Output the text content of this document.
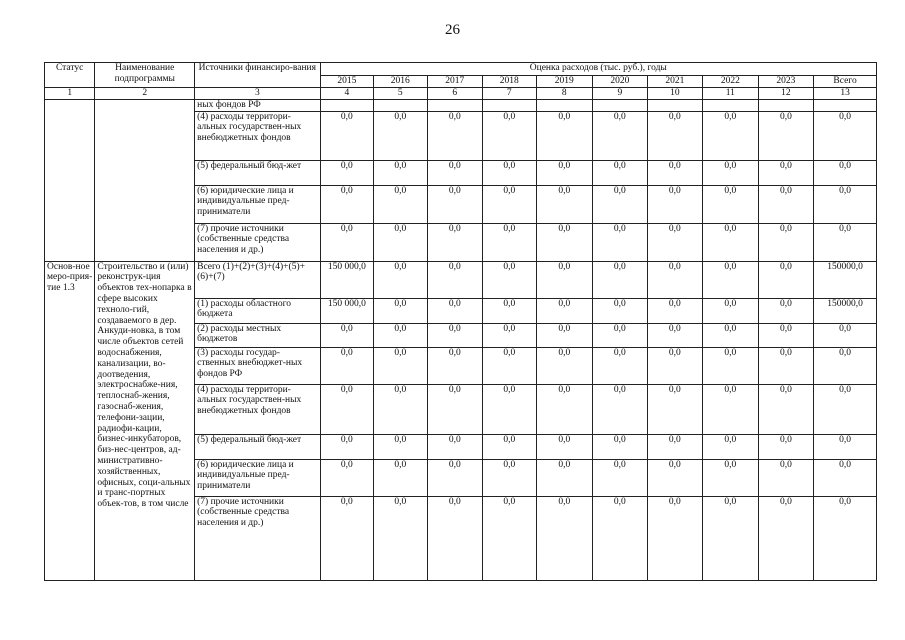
26
Статус	Наименование подпрограммы	Источники финансиро-вания	Оценка расходов (тыс. руб.), годы									
			2015	2016	2017	2018	2019	2020	2021	2022	2023	Всего
1	2	3	4	5	6	7	8	9	10	11	12	13
		ных фондов РФ										
		(4) расходы территори-альных государствен-ных внебюджетных фондов	0,0	0,0	0,0	0,0	0,0	0,0	0,0	0,0	0,0	0,0
		(5) федеральный бюд-жет	0,0	0,0	0,0	0,0	0,0	0,0	0,0	0,0	0,0	0,0
		(6) юридические лица и индивидуальные пред-приниматели	0,0	0,0	0,0	0,0	0,0	0,0	0,0	0,0	0,0	0,0
		(7) прочие источники (собственные средства населения и др.)	0,0	0,0	0,0	0,0	0,0	0,0	0,0	0,0	0,0	0,0
Основ-ное меро-прия-тие 1.3	Строительство и (или) реконструк-ция объектов тех-нопарка в сфере высоких техноло-гий, создаваемого в дер. Анкуди-новка, в том числе объектов сетей водоснабжения, канализации, во-доотведения, электроснабже-ния, теплоснаб-жения, газоснаб-жения, телефони-зации, радиофи-кации, бизнес-инкубаторов, биз-нес-центров, ад-министративно-хозяйственных, офисных, соци-альных и транс-портных объек-тов, в том числе	Всего (1)+(2)+(3)+(4)+(5)+(6)+(7)	150 000,0	0,0	0,0	0,0	0,0	0,0	0,0	0,0	0,0	150000,0
		(1) расходы областного бюджета	150 000,0	0,0	0,0	0,0	0,0	0,0	0,0	0,0	0,0	150000,0
		(2) расходы местных бюджетов	0,0	0,0	0,0	0,0	0,0	0,0	0,0	0,0	0,0	0,0
		(3) расходы государ-ственных внебюджет-ных фондов РФ	0,0	0,0	0,0	0,0	0,0	0,0	0,0	0,0	0,0	0,0
		(4) расходы территори-альных государствен-ных внебюджетных фондов	0,0	0,0	0,0	0,0	0,0	0,0	0,0	0,0	0,0	0,0
		(5) федеральный бюд-жет	0,0	0,0	0,0	0,0	0,0	0,0	0,0	0,0	0,0	0,0
		(6) юридические лица и индивидуальные пред-приниматели	0,0	0,0	0,0	0,0	0,0	0,0	0,0	0,0	0,0	0,0
		(7) прочие источники (собственные средства населения и др.)	0,0	0,0	0,0	0,0	0,0	0,0	0,0	0,0	0,0	0,0
